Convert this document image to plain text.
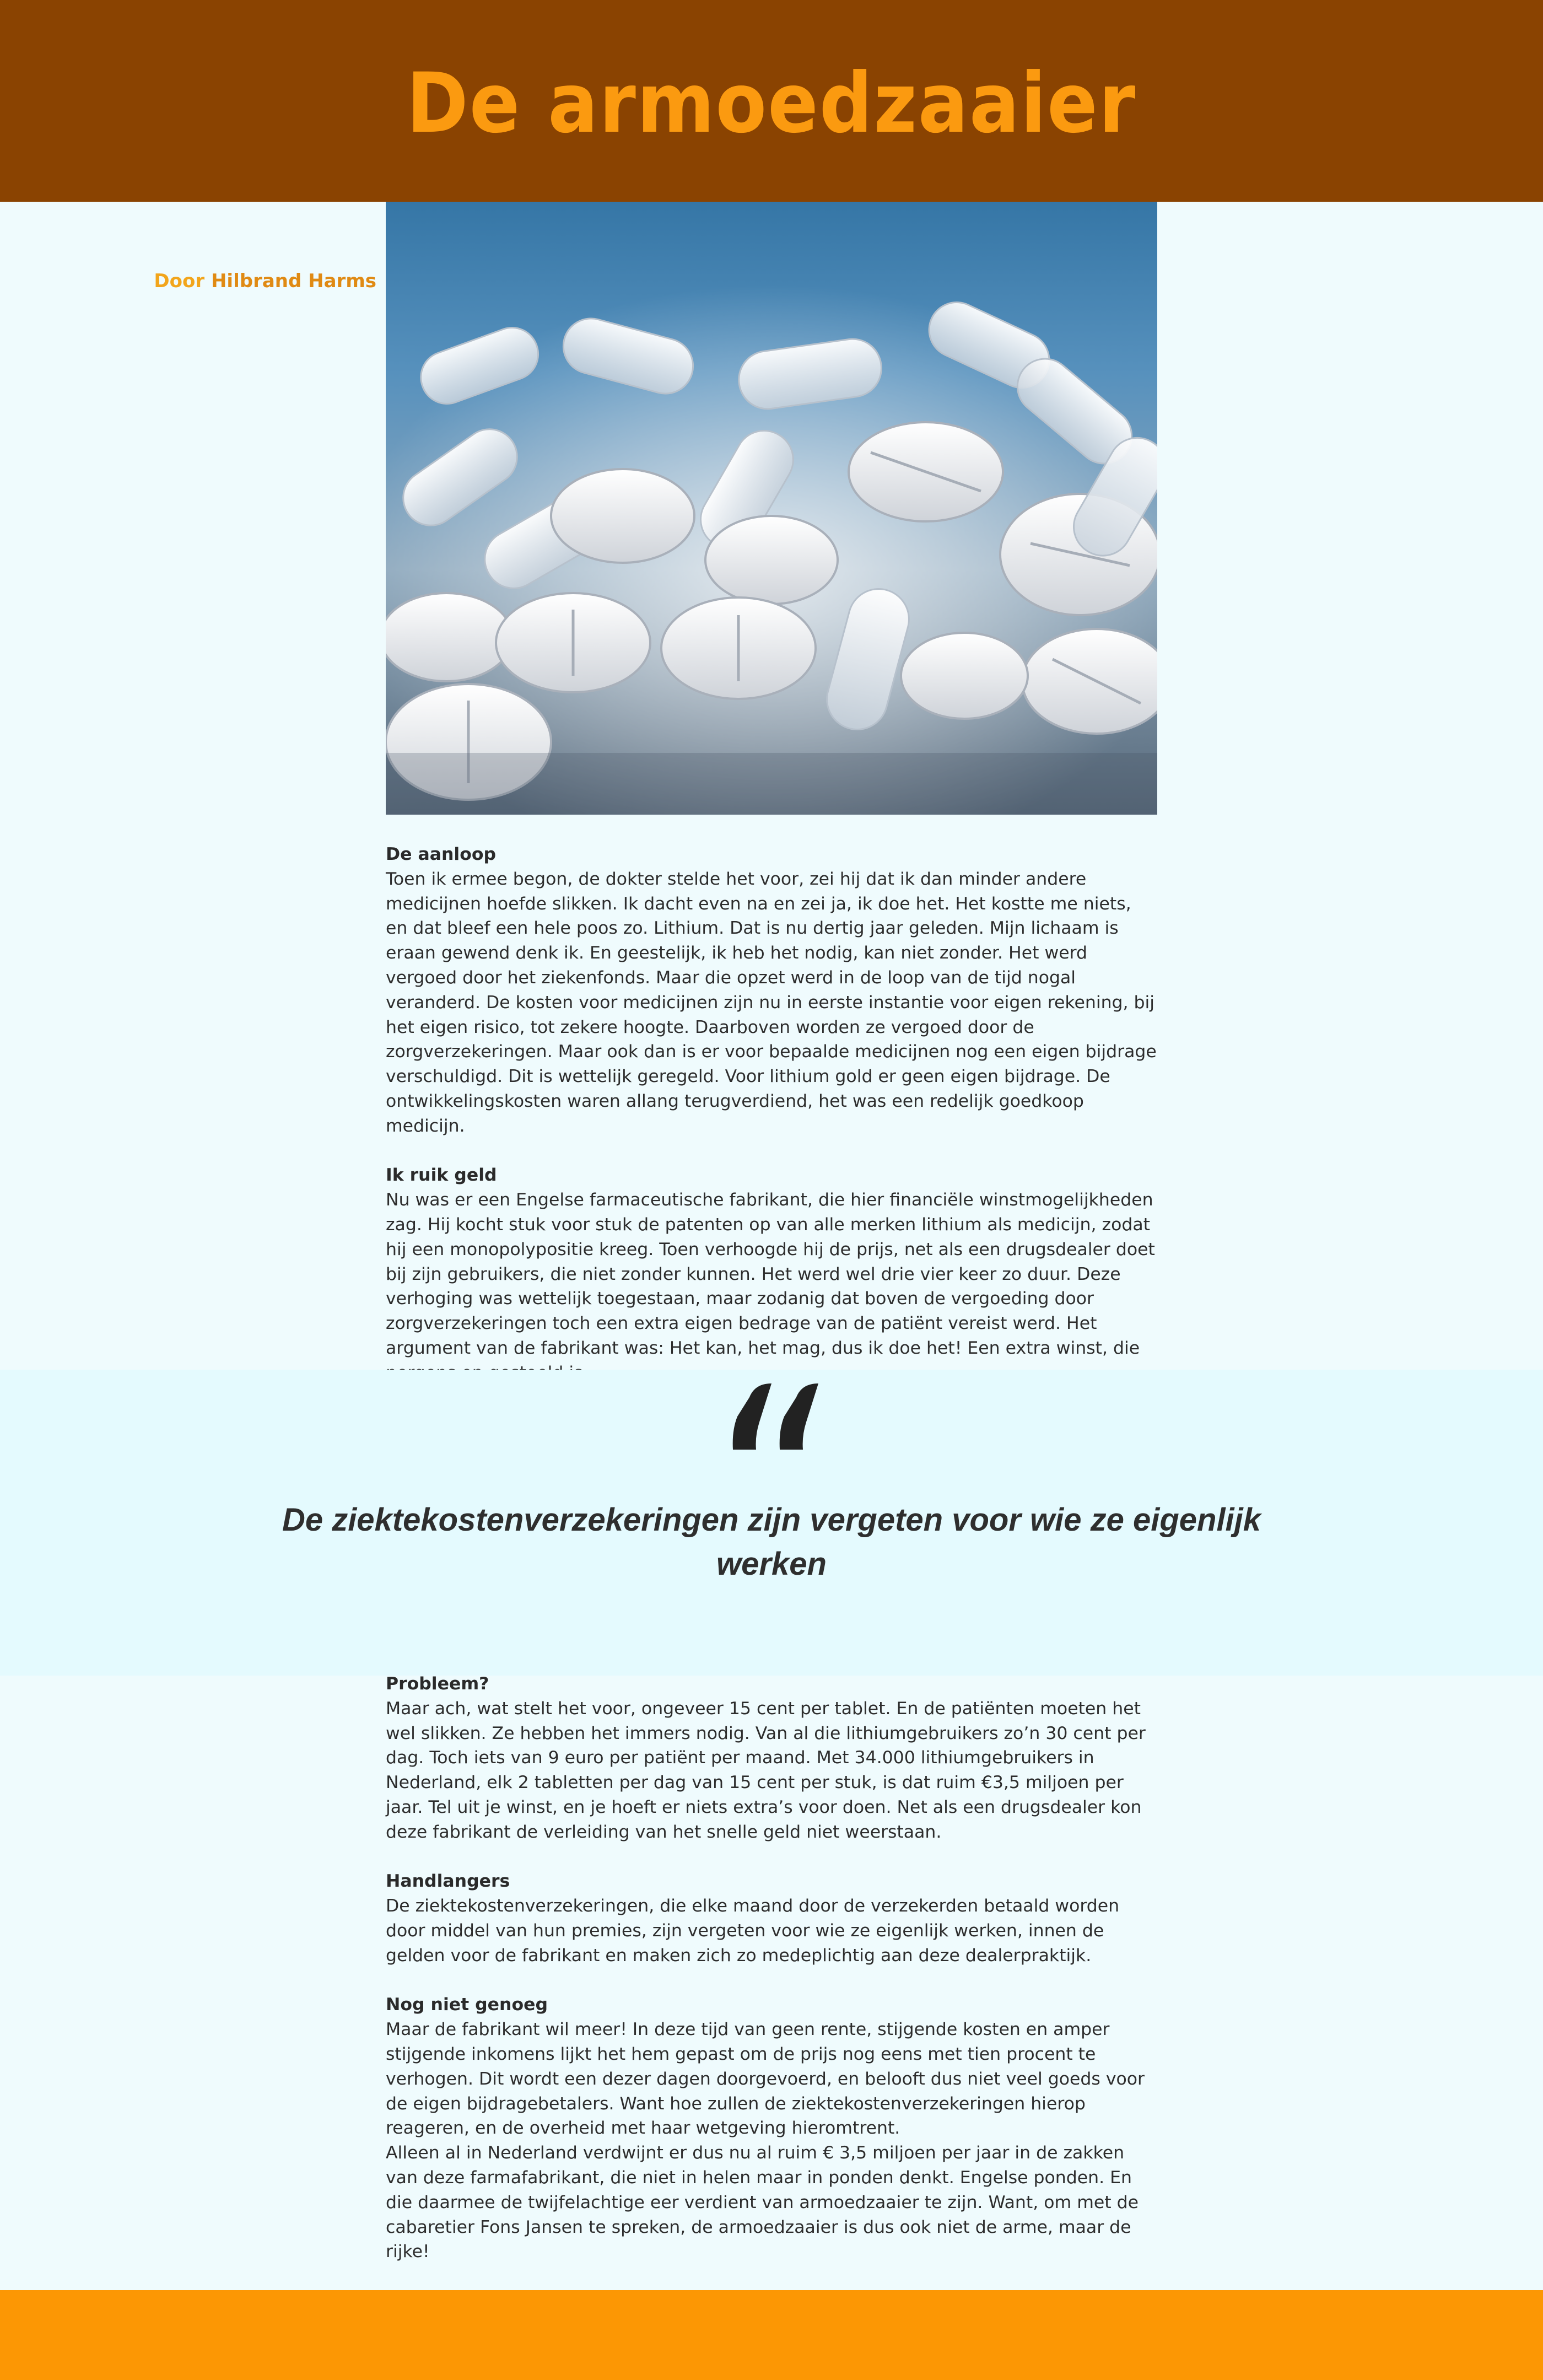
De armoedzaaier
Door Hilbrand Harms
De aanloop

Toen ik ermee begon, de dokter stelde het voor, zei hij dat ik dan minder andere medicijnen hoefde slikken. Ik dacht even na en zei ja, ik doe het. Het kostte me niets, en dat bleef een hele poos zo. Lithium. Dat is nu dertig jaar geleden. Mijn lichaam is eraan gewend denk ik. En geestelijk, ik heb het nodig, kan niet zonder. Het werd vergoed door het ziekenfonds. Maar die opzet werd in de loop van de tijd nogal veranderd. De kosten voor medicijnen zijn nu in eerste instantie voor eigen rekening, bij het eigen risico, tot zekere hoogte. Daarboven worden ze vergoed door de zorgverzekeringen. Maar ook dan is er voor bepaalde medicijnen nog een eigen bijdrage verschuldigd. Dit is wettelijk geregeld. Voor lithium gold er geen eigen bijdrage. De ontwikkelingskosten waren allang terugverdiend, het was een redelijk goedkoop medicijn.

Ik ruik geld

Nu was er een Engelse farmaceutische fabrikant, die hier financiële winstmogelijkheden zag. Hij kocht stuk voor stuk de patenten op van alle merken lithium als medicijn, zodat hij een monopolypositie kreeg. Toen verhoogde hij de prijs, net als een drugsdealer doet bij zijn gebruikers, die niet zonder kunnen. Het werd wel drie vier keer zo duur. Deze verhoging was wettelijk toegestaan, maar zodanig dat boven de vergoeding door zorgverzekeringen toch een extra eigen bedrage van de patiënt vereist werd. Het argument van de fabrikant was: Het kan, het mag, dus ik doe het! Een extra winst, die

De ziektekostenverzekeringen zijn vergeten voor wie ze eigenlijk werken
Probleem?

Maar ach, wat stelt het voor, ongeveer 15 cent per tablet. En de patiënten moeten het wel slikken. Ze hebben het immers nodig. Van al die lithiumgebruikers zo’n 30 cent per dag. Toch iets van 9 euro per patiënt per maand. Met 34.000 lithiumgebruikers in Nederland, elk 2 tabletten per dag van 15 cent per stuk, is dat ruim €3,5 miljoen per jaar. Tel uit je winst, en je hoeft er niets extra’s voor doen. Net als een drugsdealer kon deze fabrikant de verleiding van het snelle geld niet weerstaan.

Handlangers

De ziektekostenverzekeringen, die elke maand door de verzekerden betaald worden door middel van hun premies, zijn vergeten voor wie ze eigenlijk werken, innen de gelden voor de fabrikant en maken zich zo medeplichtig aan deze dealerpraktijk.

Nog niet genoeg

Maar de fabrikant wil meer! In deze tijd van geen rente, stijgende kosten en amper stijgende inkomens lijkt het hem gepast om de prijs nog eens met tien procent te verhogen. Dit wordt een dezer dagen doorgevoerd, en belooft dus niet veel goeds voor de eigen bijdragebetalers. Want hoe zullen de ziektekostenverzekeringen hierop reageren, en de overheid met haar wetgeving hieromtrent.

Alleen al in Nederland verdwijnt er dus nu al ruim € 3,5 miljoen per jaar in de zakken van deze farmafabrikant, die niet in helen maar in ponden denkt. Engelse ponden. En die daarmee de twijfelachtige eer verdient van armoedzaaier te zijn. Want, om met de cabaretier Fons Jansen te spreken, de armoedzaaier is dus ook niet de arme, maar de rijke!
